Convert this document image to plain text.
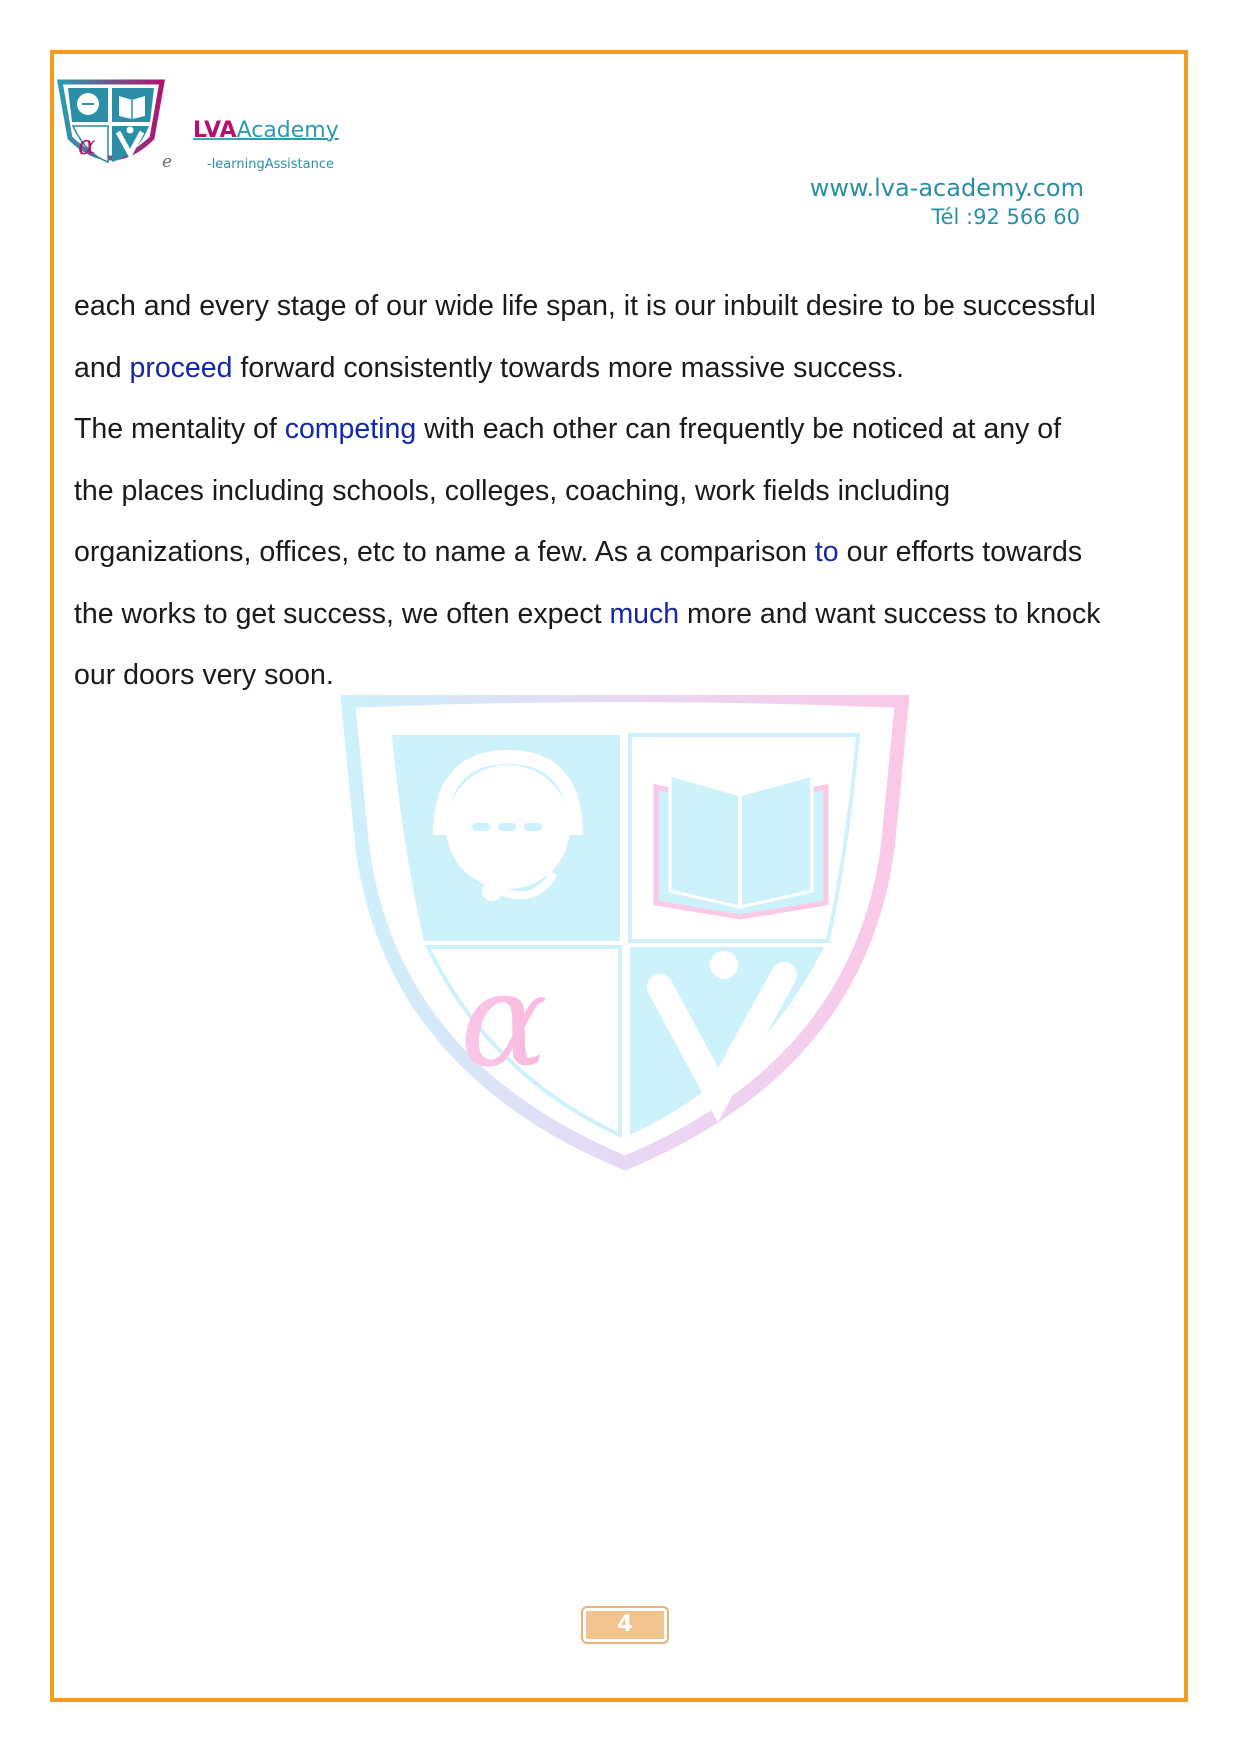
α
LVAAcademy
e	-learningAssistance
www.lva-academy.com
Tél :92 566 60
α
each and every stage of our wide life span, it is our inbuilt desire to be successful
and proceed forward consistently towards more massive success.
The mentality of competing with each other can frequently be noticed at any of
the places including schools, colleges, coaching, work fields including
organizations, offices, etc to name a few. As a comparison to our efforts towards
the works to get success, we often expect much more and want success to knock
our doors very soon.
4
